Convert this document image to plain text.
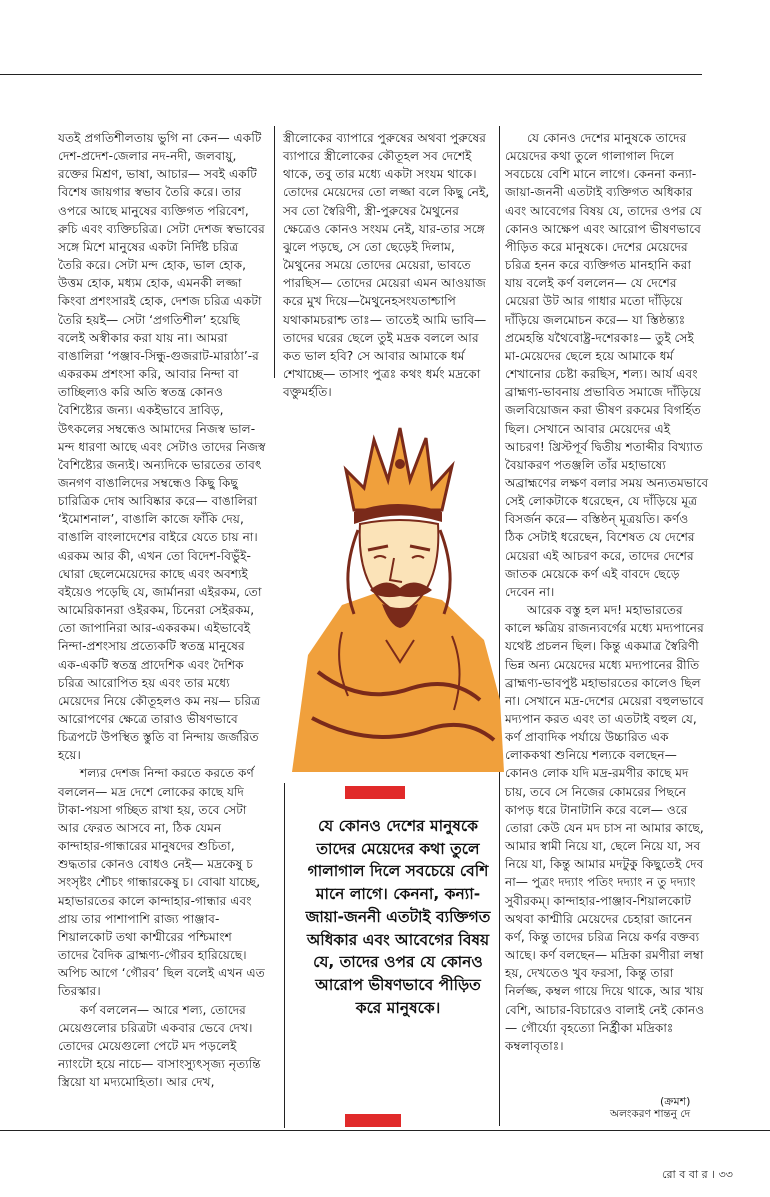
যতই প্রগতিশীলতায় ভুগি না কেন— একটি দেশ-প্রদেশ-জেলার নদ-নদী, জলবায়ু, রক্তের মিশ্রণ, ভাষা, আচার— সবই একটি বিশেষ জায়গার স্বভাব তৈরি করে। তার ওপরে আছে মানুষের ব্যক্তিগত পরিবেশ, রুচি এবং ব্যক্তিচরিত্র। সেটা দেশজ স্বভাবের সঙ্গে মিশে মানুষের একটা নির্দিষ্ট চরিত্র তৈরি করে। সেটা মন্দ হোক, ভাল হোক, উত্তম হোক, মধ্যম হোক, এমনকী লজ্জা কিংবা প্রশংসারই হোক, দেশজ চরিত্র একটা তৈরি হয়ই— সেটা ‘প্রগতিশীল’ হয়েছি বলেই অস্বীকার করা যায় না। আমরা বাঙালিরা ‘পঞ্জাব-সিন্ধু-গুজরাট-মারাঠা’-র একরকম প্রশংসা করি, আবার নিন্দা বা তাচ্ছিল্যও করি অতি স্বতন্ত্র কোনও বৈশিষ্ট্যের জন্য। একইভাবে দ্রাবিড়, উৎকলের সম্বন্ধেও আমাদের নিজস্ব ভাল-মন্দ ধারণা আছে এবং সেটাও তাদের নিজস্ব বৈশিষ্ট্যের জন্যই। অন্যদিকে ভারতের তাবৎ জনগণ বাঙালিদের সম্বন্ধেও কিছু কিছু চারিত্রিক দোষ আবিষ্কার করে— বাঙালিরা ‘ইমোশনাল’, বাঙালি কাজে ফাঁকি দেয়, বাঙালি বাংলাদেশের বাইরে যেতে চায় না। এরকম আর কী, এখন তো বিদেশ-বিভুঁই-ঘোরা ছেলেমেয়েদের কাছে এবং অবশ্যই বইয়েও পড়েছি যে, জার্মানরা এইরকম, তো আমেরিকানরা ওইরকম, চিনেরা সেইরকম, তো জাপানিরা আর-একরকম। এইভাবেই নিন্দা-প্রশংসায় প্রত্যেকটি স্বতন্ত্র মানুষের এক-একটি স্বতন্ত্র প্রাদেশিক এবং দৈশিক চরিত্র আরোপিত হয় এবং তার মধ্যে মেয়েদের নিয়ে কৌতূহলও কম নয়— চরিত্র আরোপণের ক্ষেত্রে তারাও ভীষণভাবে চিত্রপটে উপস্থিত স্তুতি বা নিন্দায় জর্জরিত হয়ে।

শল্যর দেশজ নিন্দা করতে করতে কর্ণ বললেন— মদ্র দেশে লোকের কাছে যদি টাকা-পয়সা গচ্ছিত রাখা হয়, তবে সেটা আর ফেরত আসবে না, ঠিক যেমন কান্দাহার-গান্ধারের মানুষদের শুচিতা, শুদ্ধতার কোনও বোধও নেই— মদ্রকেষু চ সংসৃষ্টং শৌচং গান্ধারকেষু চ। বোঝা যাচ্ছে, মহাভারতের কালে কান্দাহার-গান্ধার এবং প্রায় তার পাশাপাশি রাজ্য পাঞ্জাব-শিয়ালকোট তথা কাশ্মীরের পশ্চিমাংশ তাদের বৈদিক ব্রাহ্মণ্য-গৌরব হারিয়েছে। অপিচ আগে ‘গৌরব’ ছিল বলেই এখন এত তিরস্কার।

কর্ণ বললেন— আরে শল্য, তোদের মেয়েগুলোর চরিত্রটা একবার ভেবে দেখ। তোদের মেয়েগুলো পেটে মদ পড়লেই ন্যাংটো হয়ে নাচে— বাসাংস্যুৎসৃজ্য নৃত্যন্তি স্ত্রিয়ো যা মদ্যমোহিতা। আর দেখ,

স্ত্রীলোকের ব্যাপারে পুরুষের অথবা পুরুষের ব্যাপারে স্ত্রীলোকের কৌতূহল সব দেশেই থাকে, তবু তার মধ্যে একটা সংযম থাকে। তোদের মেয়েদের তো লজ্জা বলে কিছু নেই, সব তো স্বৈরিণী, স্ত্রী-পুরুষের মৈথুনের ক্ষেত্রেও কোনও সংযম নেই, যার-তার সঙ্গে ঝুলে পড়ছে, সে তো ছেড়েই দিলাম, মৈথুনের সময়ে তোদের মেয়েরা, ভাবতে পারছিস— তোদের মেয়েরা এমন আওয়াজ করে মুখ দিয়ে—মৈথুনেহসংযতাশ্চাপি যথাকামচরাশ্চ তাঃ— তাতেই আমি ভাবি— তাদের ঘরের ছেলে তুই মদ্রক বললে আর কত ভাল হবি? সে আবার আমাকে ধর্ম শেখাচ্ছে— তাসাং পুত্রঃ কথং ধর্মং মদ্রকো বক্তুমর্হতি।

যে কোনও দেশের মানুষকে তাদের মেয়েদের কথা তুলে গালাগাল দিলে সবচেয়ে বেশি মানে লাগে। কেননা কন্যা-জায়া-জননী এতটাই ব্যক্তিগত অধিকার এবং আবেগের বিষয় যে, তাদের ওপর যে কোনও আক্ষেপ এবং আরোপ ভীষণভাবে পীড়িত করে মানুষকে। দেশের মেয়েদের চরিত্র হনন করে ব্যক্তিগত মানহানি করা যায় বলেই কর্ণ বললেন— যে দেশের মেয়েরা উট আর গাধার মতো দাঁড়িয়ে দাঁড়িয়ে জলমোচন করে— যা স্তিষ্ঠন্ত্যঃ প্রমেহন্তি যথৈবোষ্ট্র-দশেরকাঃ— তুই সেই মা-মেয়েদের ছেলে হয়ে আমাকে ধর্ম শেখানোর চেষ্টা করছিস, শল্য। আর্য এবং ব্রাহ্মণ্য-ভাবনায় প্রভাবিত সমাজে দাঁড়িয়ে জলবিয়োজন করা ভীষণ রকমের বিগর্হিত ছিল। সেখানে আবার মেয়েদের এই আচরণ! খ্রিস্টপূর্ব দ্বিতীয় শতাব্দীর বিখ্যাত বৈয়াকরণ পতঞ্জলি তাঁর মহাভাষ্যে অব্রাহ্মণের লক্ষণ বলার সময় অন্যতমভাবে সেই লোকটাকে ধরেছেন, যে দাঁড়িয়ে মূত্র বিসর্জন করে— বস্তিষ্ঠন্ মূত্রয়তি। কর্ণও ঠিক সেটাই ধরেছেন, বিশেষত যে দেশের মেয়েরা এই আচরণ করে, তাদের দেশের জাতক মেয়েকে কর্ণ এই বাবদে ছেড়ে দেবেন না।

আরেক বস্তু হল মদ! মহাভারতের কালে ক্ষত্রিয় রাজন্যবর্গের মধ্যে মদ্যপানের যথেষ্ট প্রচলন ছিল। কিন্তু একমাত্র স্বৈরিণী ভিন্ন অন্য মেয়েদের মধ্যে মদ্যপানের রীতি ব্রাহ্মণ্য-ভাবপুষ্ট মহাভারতের কালেও ছিল না। সেখানে মদ্র-দেশের মেয়েরা বহুলভাবে মদ্যপান করত এবং তা এতটাই বহুল যে, কর্ণ প্রাবাদিক পর্যায়ে উচ্চারিত এক লোককথা শুনিয়ে শল্যকে বলছেন— কোনও লোক যদি মদ্র-রমণীর কাছে মদ চায়, তবে সে নিজের কোমরের পিছনে কাপড় ধরে টানাটানি করে বলে— ওরে তোরা কেউ যেন মদ চাস না আমার কাছে, আমার স্বামী নিয়ে যা, ছেলে নিয়ে যা, সব নিয়ে যা, কিন্তু আমার মদটুকু কিছুতেই দেব না— পুত্রং দদ্যাং পতিং দদ্যাং ন তু দদ্যাং সুবীরকম্। কান্দাহার-পাঞ্জাব-শিয়ালকোট অথবা কাশ্মীরি মেয়েদের চেহারা জানেন কর্ণ, কিন্তু তাদের চরিত্র নিয়ে কর্ণর বক্তব্য আছে। কর্ণ বলছেন— মদ্রিকা রমণীরা লম্বা হয়, দেখতেও খুব ফরসা, কিন্তু তারা নির্লজ্জ, কম্বল গায়ে দিয়ে থাকে, আর খায় বেশি, আচার-বিচারেও বালাই নেই কোনও— গৌর্য্যো বৃহত্যো নির্হ্রীকা মদ্রিকাঃ কম্বলাবৃতাঃ।

যে কোনও দেশের মানুষকে তাদের মেয়েদের কথা তুলে গালাগাল দিলে সবচেয়ে বেশি মানে লাগে। কেননা, কন্যা-জায়া-জননী এতটাই ব্যক্তিগত অধিকার এবং আবেগের বিষয় যে, তাদের ওপর যে কোনও আরোপ ভীষণভাবে পীড়িত করে মানুষকে।
(ক্রমশ)
অলংকরণ শান্তনু দে
রো ব বা র । ৩৩
